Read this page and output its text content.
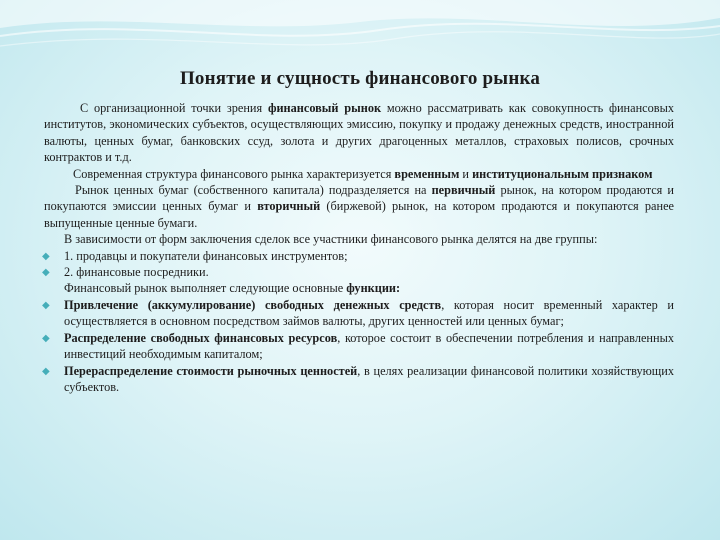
Понятие и сущность финансового рынка

С организационной точки зрения финансовый рынок можно рассматривать как совокупность финансовых институтов, экономических субъектов, осуществляющих эмиссию, покупку и продажу денежных средств, иностранной валюты, ценных бумаг, банковских ссуд, золота и других драгоценных металлов, страховых полисов, срочных контрактов и т.д.

Современная структура финансового рынка характеризуется временным и институциональным признаком

Рынок ценных бумаг (собственного капитала) подразделяется на первичный рынок, на котором продаются и покупаются эмиссии ценных бумаг и вторичный (биржевой) рынок, на котором продаются и покупаются ранее выпущенные ценные бумаги.

В зависимости от форм заключения сделок все участники финансового рынка делятся на две группы:

◆ 1. продавцы и покупатели финансовых инструментов;

◆ 2. финансовые посредники.

Финансовый рынок выполняет следующие основные функции:

◆ Привлечение (аккумулирование) свободных денежных средств, которая носит временный характер и осуществляется в основном посредством займов валюты, других ценностей или ценных бумаг;

◆ Распределение свободных финансовых ресурсов, которое состоит в обеспечении потребления и направленных инвестиций необходимым капиталом;

◆ Перераспределение стоимости рыночных ценностей, в целях реализации финансовой политики хозяйствующих субъектов.
